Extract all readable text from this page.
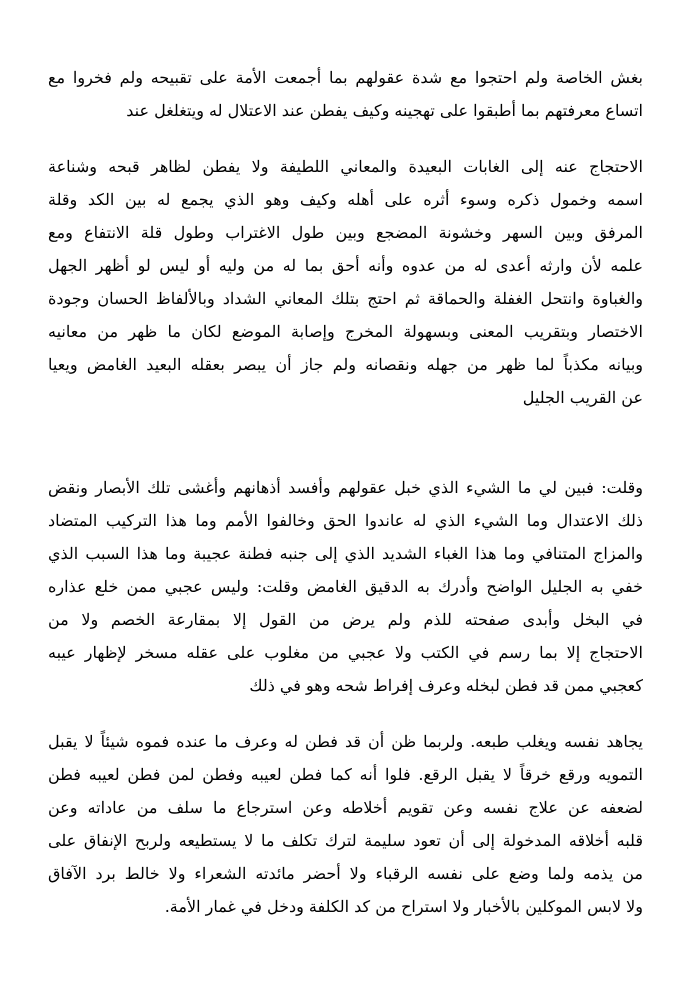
بغش الخاصة ولم احتجوا مع شدة عقولهم بما أجمعت الأمة على تقبيحه ولم فخروا مع
اتساع معرفتهم بما أطبقوا على تهجينه وكيف يفطن عند الاعتلال له ويتغلغل عند
الاحتجاج عنه إلى الغابات البعيدة والمعاني اللطيفة ولا يفطن لظاهر قبحه وشناعة
اسمه وخمول ذكره وسوء أثره على أهله وكيف وهو الذي يجمع له بين الكد وقلة
المرفق وبين السهر وخشونة المضجع وبين طول الاغتراب وطول قلة الانتفاع ومع
علمه لأن وارثه أعدى له من عدوه وأنه أحق بما له من وليه أو ليس لو أظهر الجهل
والغباوة وانتحل الغفلة والحماقة ثم احتج بتلك المعاني الشداد وبالألفاظ الحسان وجودة
الاختصار وبتقريب المعنى وبسهولة المخرج وإصابة الموضع لكان ما ظهر من معانيه
وبيانه مكذباً لما ظهر من جهله ونقصانه ولم جاز أن يبصر بعقله البعيد الغامض ويعيا
عن القريب الجليل
وقلت: فبين لي ما الشيء الذي خبل عقولهم وأفسد أذهانهم وأغشى تلك الأبصار ونقض
ذلك الاعتدال وما الشيء الذي له عاندوا الحق وخالفوا الأمم وما هذا التركيب المتضاد
والمزاج المتنافي وما هذا الغباء الشديد الذي إلى جنبه فطنة عجيبة وما هذا السبب الذي
خفي به الجليل الواضح وأدرك به الدقيق الغامض وقلت: وليس عجبي ممن خلع عذاره
في البخل وأبدى صفحته للذم ولم يرض من القول إلا بمقارعة الخصم ولا من
الاحتجاج إلا بما رسم في الكتب ولا عجبي من مغلوب على عقله مسخر لإظهار عيبه
كعجبي ممن قد فطن لبخله وعرف إفراط شحه وهو في ذلك
يجاهد نفسه ويغلب طبعه. ولربما ظن أن قد فطن له وعرف ما عنده فموه شيئاً لا يقبل
التمويه ورقع خرقاً لا يقبل الرقع. فلوا أنه كما فطن لعيبه وفطن لمن فطن لعيبه فطن
لضعفه عن علاج نفسه وعن تقويم أخلاطه وعن استرجاع ما سلف من عاداته وعن
قلبه أخلاقه المدخولة إلى أن تعود سليمة لترك تكلف ما لا يستطيعه ولربح الإنفاق على
من يذمه ولما وضع على نفسه الرقباء ولا أحضر مائدته الشعراء ولا خالط برد الآفاق
ولا لابس الموكلين بالأخبار ولا استراح من كد الكلفة ودخل في غمار الأمة.
